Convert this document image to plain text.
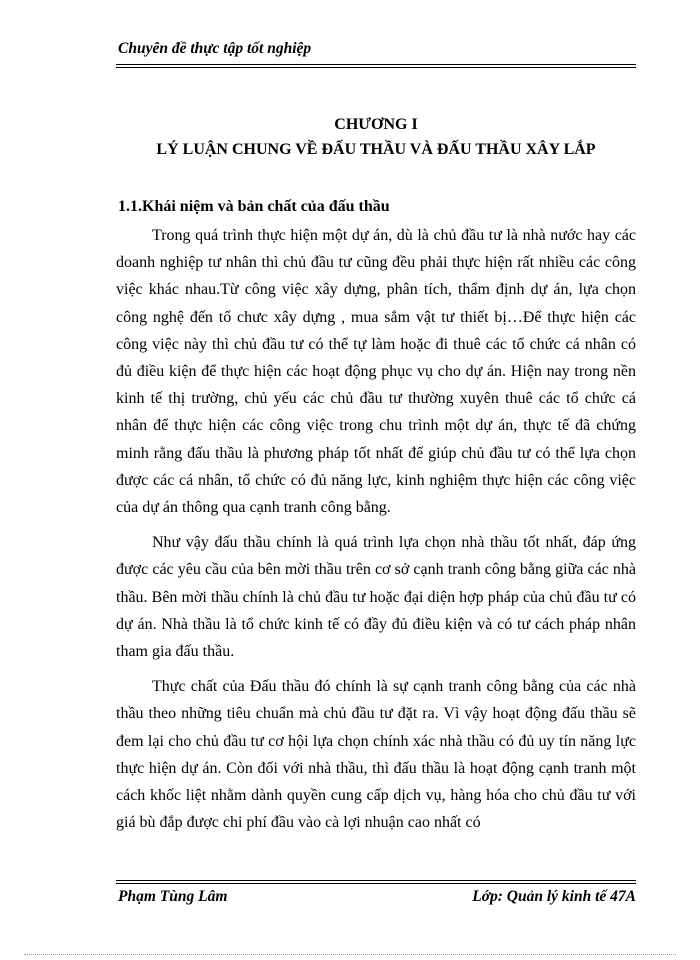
Chuyên đề thực tập tốt nghiệp
CHƯƠNG I
LÝ LUẬN CHUNG VỀ ĐẤU THẦU VÀ ĐẤU THẦU XÂY LẮP
1.1.Khái niệm và bản chất của đấu thầu

Trong quá trình thực hiện một dự án, dù là chủ đầu tư là nhà nước hay các doanh nghiệp tư nhân thì chủ đầu tư cũng đều phải thực hiện rất nhiều các công việc khác nhau.Từ công việc xây dựng, phân tích, thẩm định dự án, lựa chọn công nghệ đến tổ chưc xây dựng , mua sắm vật tư thiết bị…Để thực hiện các công việc này thì chủ đầu tư có thể tự làm hoặc đi thuê các tổ chức cá nhân có đủ điều kiện để thực hiện các hoạt động phục vụ cho dự án. Hiện nay trong nền kinh tế thị trường, chủ yếu các chủ đầu tư thường xuyên thuê các tổ chức cá nhân để thực hiện các công việc trong chu trình một dự án, thực tế đã chứng minh rằng đấu thầu là phương pháp tốt nhất để giúp chủ đầu tư có thể lựa chọn được các cá nhân, tổ chức có đủ năng lực, kinh nghiệm thực hiện các công việc của dự án thông qua cạnh tranh công bằng.

Như vậy đấu thầu chính là quá trình lựa chọn nhà thầu tốt nhất, đáp ứng được các yêu cầu của bên mời thầu trên cơ sở cạnh tranh công bằng giữa các nhà thầu. Bên mời thầu chính là chủ đầu tư hoặc đại diện hợp pháp của chủ đầu tư có dự án. Nhà thầu là tổ chức kinh tế có đầy đủ điều kiện và có tư cách pháp nhân tham gia đấu thầu.

Thực chất của Đấu thầu đó chính là sự cạnh tranh công bằng của các nhà thầu theo những tiêu chuẩn mà chủ đầu tư đặt ra. Vì vậy hoạt động đấu thầu sẽ đem lại cho chủ đầu tư cơ hội lựa chọn chính xác nhà thầu có đủ uy tín năng lực thực hiện dự án. Còn đối với nhà thầu, thì đấu thầu là hoạt động cạnh tranh một cách khốc liệt nhằm dành quyền cung cấp dịch vụ, hàng hóa cho chủ đầu tư với giá bù đắp được chi phí đầu vào cà lợi nhuận cao nhất có

Phạm Tùng Lâm	Lớp: Quản lý kinh tế 47A
